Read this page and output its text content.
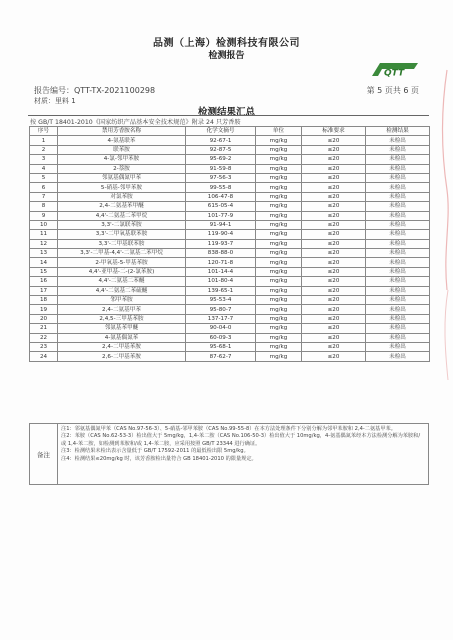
品测（上海）检测科技有限公司
检测报告
QTT
报告编号：QTT-TX-2021100298	第 5 页共 6 页
材质：里料 1
检测结果汇总
按 GB/T 18401-2010《国家纺织产品基本安全技术规范》附录 24 只芳香胺
序号	禁用芳香胺名称	化学文摘号	单位	标准要求	检测结果
1	4-氨基联苯	92-67-1	mg/kg	≤20	未检出
2	联苯胺	92-87-5	mg/kg	≤20	未检出
3	4-氯-邻甲苯胺	95-69-2	mg/kg	≤20	未检出
4	2-萘胺	91-59-8	mg/kg	≤20	未检出
5	邻氨基偶氮甲苯	97-56-3	mg/kg	≤20	未检出
6	5-硝基-邻甲苯胺	99-55-8	mg/kg	≤20	未检出
7	对氯苯胺	106-47-8	mg/kg	≤20	未检出
8	2,4-二氨基苯甲醚	615-05-4	mg/kg	≤20	未检出
9	4,4'-二氨基二苯甲烷	101-77-9	mg/kg	≤20	未检出
10	3,3'-二氯联苯胺	91-94-1	mg/kg	≤20	未检出
11	3,3'-二甲氧基联苯胺	119-90-4	mg/kg	≤20	未检出
12	3,3'-二甲基联苯胺	119-93-7	mg/kg	≤20	未检出
13	3,3'-二甲基-4,4'-二氨基二苯甲烷	838-88-0	mg/kg	≤20	未检出
14	2-甲氧基-5-甲基苯胺	120-71-8	mg/kg	≤20	未检出
15	4,4'-亚甲基-二-(2-氯苯胺)	101-14-4	mg/kg	≤20	未检出
16	4,4'-二氨基二苯醚	101-80-4	mg/kg	≤20	未检出
17	4,4'-二氨基二苯硫醚	139-65-1	mg/kg	≤20	未检出
18	邻甲苯胺	95-53-4	mg/kg	≤20	未检出
19	2,4-二氨基甲苯	95-80-7	mg/kg	≤20	未检出
20	2,4,5-三甲基苯胺	137-17-7	mg/kg	≤20	未检出
21	邻氨基苯甲醚	90-04-0	mg/kg	≤20	未检出
22	4-氨基偶氮苯	60-09-3	mg/kg	≤20	未检出
23	2,4-二甲基苯胺	95-68-1	mg/kg	≤20	未检出
24	2,6-二甲基苯胺	87-62-7	mg/kg	≤20	未检出
备注

注1：邻氨基偶氮甲苯（CAS No.97-56-3）、5-硝基-邻甲苯胺（CAS No.99-55-8）在本方法处理条件下分别分解为邻甲苯胺和 2,4-二氨基甲苯。

注2：苯胺（CAS No.62-53-3）检出值大于 5mg/kg，1,4-苯二胺（CAS No.106-50-3）检出值大于 10mg/kg，4-氨基偶氮苯经本方法检测分解为苯胺和/或 1,4-苯二胺，如检测到苯胺和/或 1,4-苯二胺，应采用按照 GB/T 23344 进行确证。

注3：检测结果未检出表示含量低于 GB/T 17592-2011 的最低检出限 5mg/kg。

注4：检测结果≤20mg/kg 时，该芳香胺检出量符合 GB 18401-2010 的限量规定。
